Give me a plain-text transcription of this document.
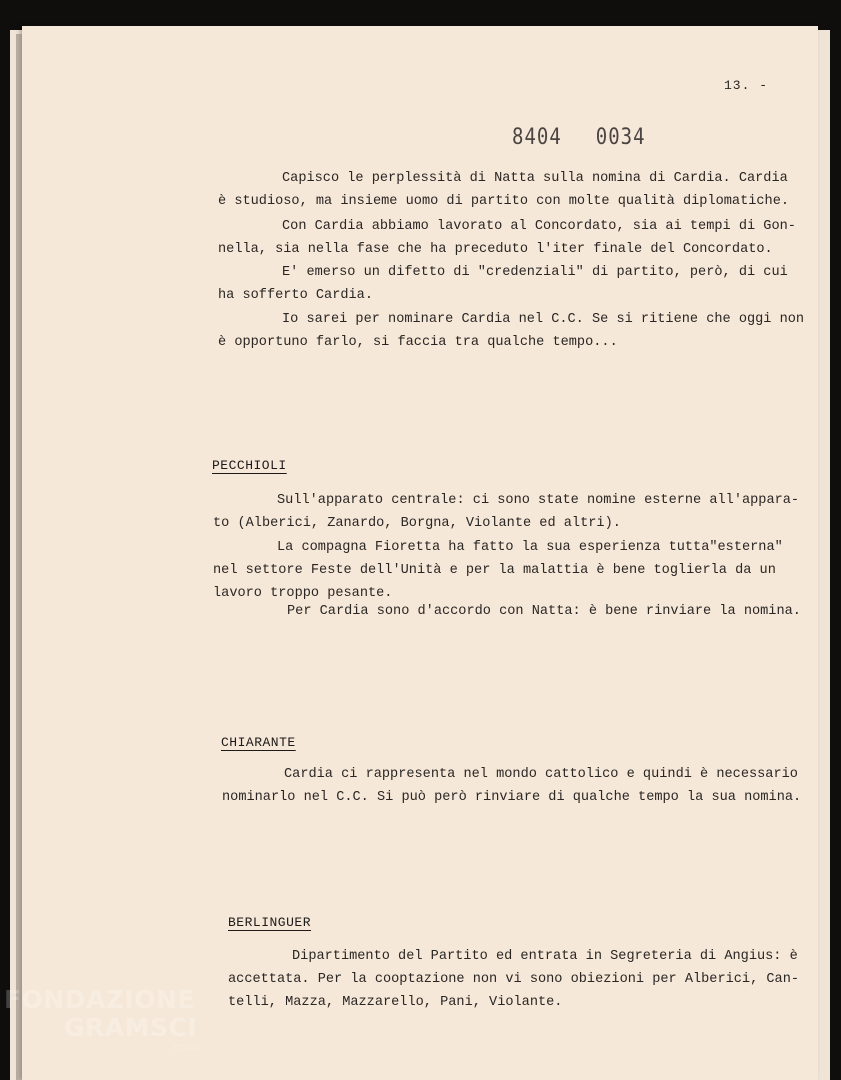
13. -
8404 0034

Capisco le perplessità di Natta sulla nomina di Cardia. Cardia
è studioso, ma insieme uomo di partito con molte qualità diplomatiche.

Con Cardia abbiamo lavorato al Concordato, sia ai tempi di Gon-
nella, sia nella fase che ha preceduto l'iter finale del Concordato.

E' emerso un difetto di "credenziali" di partito, però, di cui
ha sofferto Cardia.

Io sarei per nominare Cardia nel C.C. Se si ritiene che oggi non
è opportuno farlo, si faccia tra qualche tempo...

PECCHIOLI

Sull'apparato centrale: ci sono state nomine esterne all'appara-
to (Alberici, Zanardo, Borgna, Violante ed altri).

La compagna Fioretta ha fatto la sua esperienza tutta"esterna"
nel settore Feste dell'Unità e per la malattia è bene toglierla da un
lavoro troppo pesante.

Per Cardia sono d'accordo con Natta: è bene rinviare la nomina.

CHIARANTE

Cardia ci rappresenta nel mondo cattolico e quindi è necessario
nominarlo nel C.C. Si può però rinviare di qualche tempo la sua nomina.

BERLINGUER

Dipartimento del Partito ed entrata in Segreteria di Angius: è
accettata. Per la cooptazione non vi sono obiezioni per Alberici, Can-
telli, Mazza, Mazzarello, Pani, Violante.

FONDAZIONE
GRAMSCI
onlus
